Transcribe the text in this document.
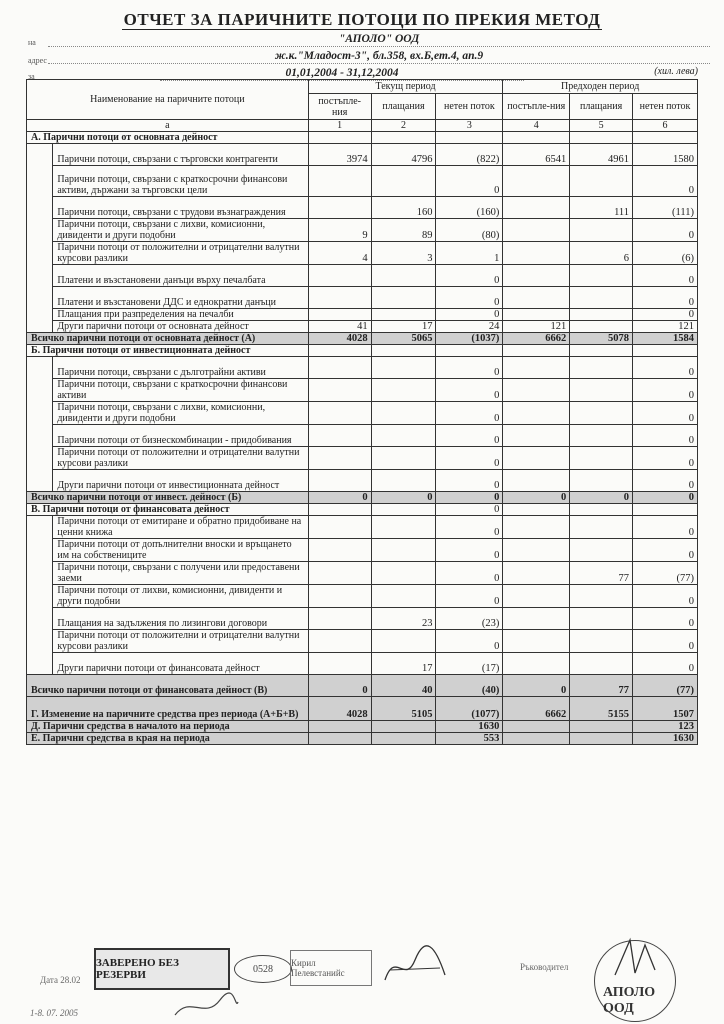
ОТЧЕТ ЗА ПАРИЧНИТЕ ПОТОЦИ ПО ПРЕКИЯ МЕТОД
на	"АПОЛО" ООД
адрес	ж.к."Младост-3", бл.358, вх.Б,ет.4, ап.9
за	01,01,2004 - 31,12,2004	(хил. лева)
Наименование на паричните потоци		Текущ период			Предходен период		
		постъпле-ния	плащания	нетен поток	постъпле-ния	плащания	нетен поток
а		1	2	3	4	5	6
А. Парични потоци от основната дейност							
	Парични потоци, свързани с търговски контрагенти	3974	4796	(822)	6541	4961	1580
	Парични потоци, свързани с краткосрочни финансови активи, държани за търговски цели			0			0
	Парични потоци, свързани с трудови възнаграждения		160	(160)		111	(111)
	Парични потоци, свързани с лихви, комисионни, дивиденти и други подобни	9	89	(80)			0
	Парични потоци от положителни и отрицателни валутни курсови разлики	4	3	1		6	(6)
	Платени и възстановени данъци върху печалбата			0			0
	Платени и възстановени ДДС и еднократни данъци			0			0
	Плащания при разпределения на печалби			0			0
	Други парични потоци от основната дейност	41	17	24	121		121
Всичко парични потоци от основната дейност (А)		4028	5065	(1037)	6662	5078	1584
Б. Парични потоци от инвестиционната дейност							
	Парични потоци, свързани с дълготрайни активи			0			0
	Парични потоци, свързани с краткосрочни финансови активи			0			0
	Парични потоци, свързани с лихви, комисионни, дивиденти и други подобни			0			0
	Парични потоци от бизнескомбинации - придобивания			0			0
	Парични потоци от положителни и отрицателни валутни курсови разлики			0			0
	Други парични потоци от инвестиционната дейност			0			0
Всичко парични потоци от инвест. дейност (Б)		0	0	0	0	0	0
В. Парични потоци от финансовата дейност				0			
	Парични потоци от емитиране и обратно придобиване на ценни книжа			0			0
	Парични потоци от допълнителни вноски и връщането им на собствениците			0			0
	Парични потоци, свързани с получени или предоставени заеми			0		77	(77)
	Парични потоци от лихви, комисионни, дивиденти и други подобни			0			0
	Плащания на задължения по лизингови договори		23	(23)			0
	Парични потоци от положителни и отрицателни валутни курсови разлики			0			0
	Други парични потоци от финансовата дейност		17	(17)			0
Всичко парични потоци от финансовата дейност (В)		0	40	(40)	0	77	(77)
Г. Изменение на паричните средства през периода (А+Б+В)		4028	5105	(1077)	6662	5155	1507
Д. Парични средства в началото на периода				1630			123
Е. Парични средства в края на периода				553			1630
Дата 28.02
ЗАВЕРЕНО БЕЗ РЕЗЕРВИ	0528
Кирил Пелевстанийс
Ръководител
АПОЛО ООД
1-8. 07. 2005
